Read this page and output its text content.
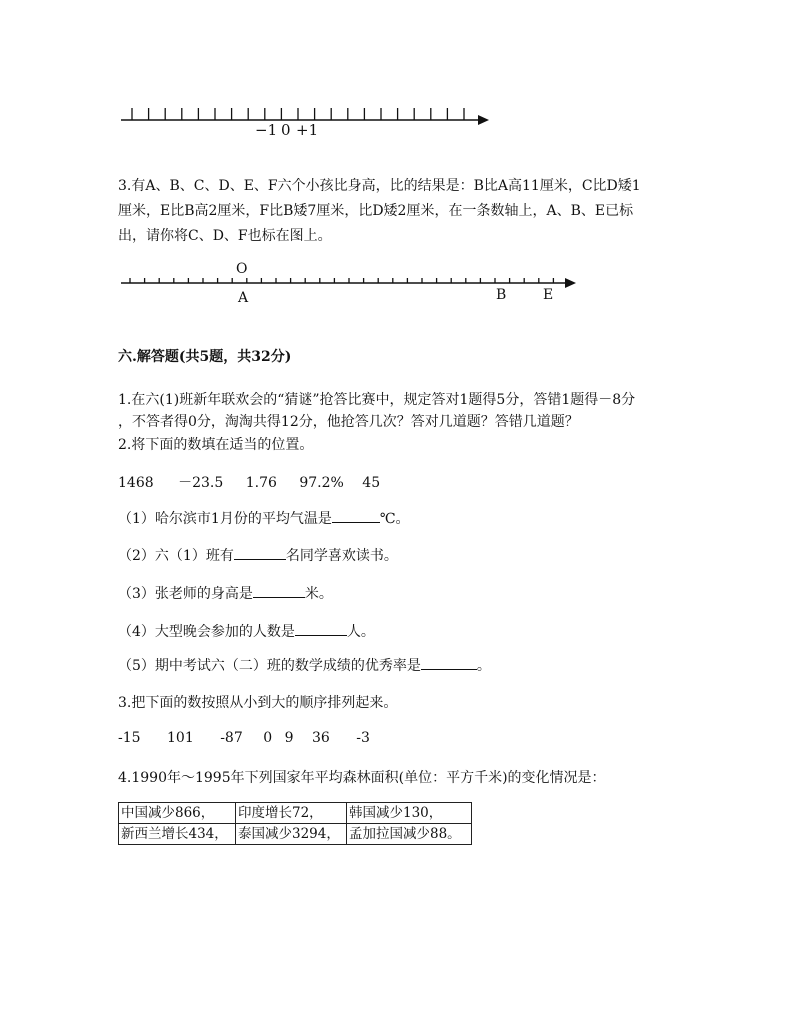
−1 0 +1
3.有A、B、C、D、E、F六个小孩比身高，比的结果是：B比A高11厘米，C比D矮1
厘米，E比B高2厘米，F比B矮7厘米，比D矮2厘米，在一条数轴上，A、B、E已标
出，请你将C、D、F也标在图上。
O
A	B	E
六.解答题(共5题，共32分)
1.在六(1)班新年联欢会的“猜谜”抢答比赛中，规定答对1题得5分，答错1题得－8分
，不答者得0分，淘淘共得12分，他抢答几次？答对几道题？答错几道题？
2.将下面的数填在适当的位置。
1468 －23.5 1.76 97.2% 45
（1）哈尔滨市1月份的平均气温是	℃。
（2）六（1）班有	名同学喜欢读书。
（3）张老师的身高是	米。
（4）大型晚会参加的人数是	人。
（5）期中考试六（二）班的数学成绩的优秀率是	。
3.把下面的数按照从小到大的顺序排列起来。
-15 101 -87 0 9 36 -3
4.1990年～1995年下列国家年平均森林面积(单位：平方千米)的变化情况是：
中国减少866，	印度增长72，	韩国减少130，
新西兰增长434，	泰国减少3294，	孟加拉国减少88。
